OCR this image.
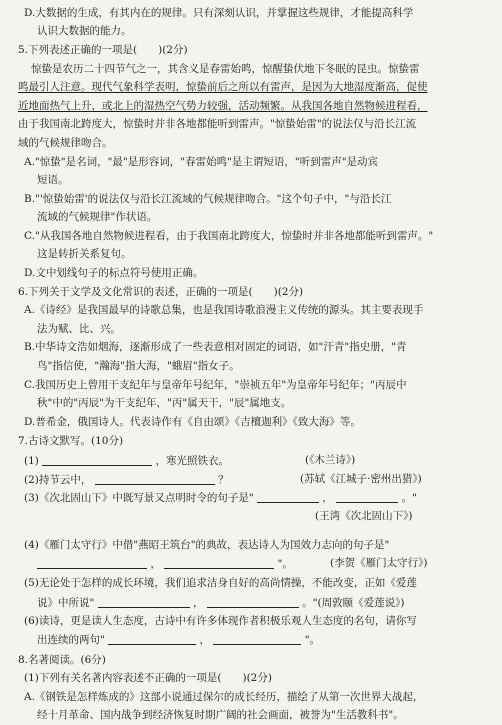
D.大数据的生成，有其内在的规律。只有深刻认识，并掌握这些规律，才能提高科学
认识大数据的能力。
5.下列表述正确的一项是(　　)(2分)
惊蛰是农历二十四节气之一，其含义是春雷始鸣，惊醒蛰伏地下冬眠的昆虫。惊蛰雷
鸣最引人注意。现代气象科学表明，惊蛰前后之所以有雷声，是因为大地湿度渐高，促使
近地面热气上升，或北上的湿热空气势力较强，活动频繁。从我国各地自然物候进程看，
由于我国南北跨度大，惊蛰时并非各地都能听到雷声。"惊蛰始雷"的说法仅与沿长江流
域的气候规律吻合。
A."惊蛰"是名词，"最"是形容词，"春雷始鸣"是主谓短语，"听到雷声"是动宾
短语。
B."'惊蛰始雷'的说法仅与沿长江流域的气候规律吻合。"这个句子中，"与沿长江
流域的气候规律"作状语。
C."从我国各地自然物候进程看，由于我国南北跨度大，惊蛰时并非各地都能听到雷声。"
这是转折关系复句。
D.文中划线句子的标点符号使用正确。
6.下列关于文学及文化常识的表述，正确的一项是(　　)(2分)
A.《诗经》是我国最早的诗歌总集，也是我国诗歌浪漫主义传统的源头。其主要表现手
法为赋、比、兴。
B.中华诗文浩如烟海，逐渐形成了一些表意相对固定的词语，如"汗青"指史册，"青
鸟"指信使，"瀚海"指大海，"蛾眉"指女子。
C.我国历史上曾用干支纪年与皇帝年号纪年，"崇祯五年"为皇帝年号纪年；"丙辰中
秋"中的"丙辰"为干支纪年，"丙"属天干，"辰"属地支。
D.普希金，俄国诗人。代表诗作有《自由颂》《吉檀迦利》《致大海》等。
7.古诗文默写。(10分)
(1)	，寒光照铁衣。	(《木兰诗》)
(2)持节云中，	？	(苏轼《江城子·密州出猎》)
(3)《次北固山下》中既写景又点明时令的句子是"	，	。"
(王湾《次北固山下》)
(4)《雁门太守行》中借"燕昭王筑台"的典故，表达诗人为国效力志向的句子是"
，	"。	(李贺《雁门太守行》)
(5)无论处于怎样的成长环境，我们追求洁身自好的高尚情操，不能改变，正如《爱莲
说》中所说"	，	。"(周敦颐《爱莲说》)
(6)读诗，更是读人生态度，古诗中有许多体现作者积极乐观人生态度的名句，请你写
出连续的两句"	，	"。
8.名著阅读。(6分)
(1)下列有关名著内容表述不正确的一项是(　　)(2分)
A.《钢铁是怎样炼成的》这部小说通过保尔的成长经历，描绘了从第一次世界大战起，
经十月革命、国内战争到经济恢复时期广阔的社会画面，被誉为"生活教科书"。
